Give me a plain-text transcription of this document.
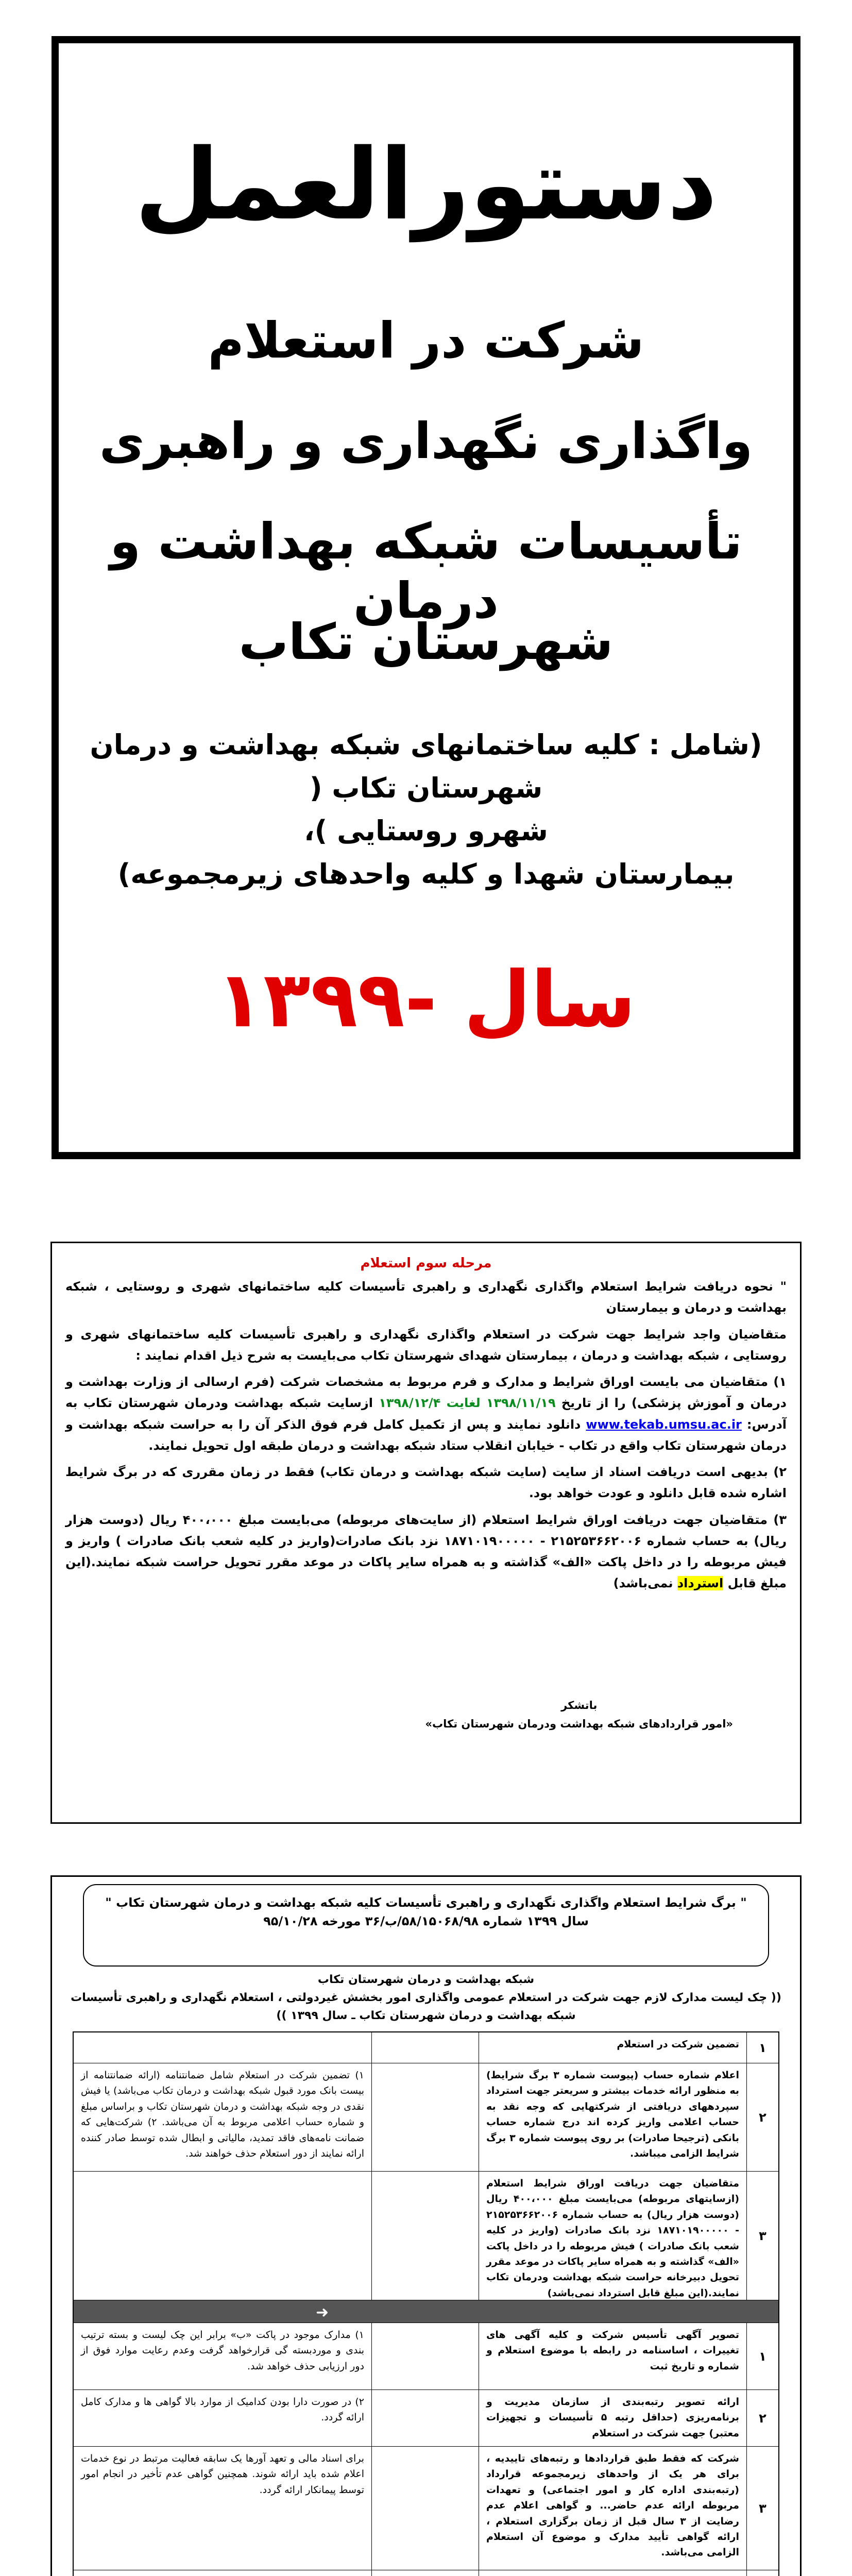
دستورالعمل
شرکت در استعلام
واگذاری نگهداری و راهبری
تأسیسات شبکه بهداشت و درمان
شهرستان تکاب
(شامل : کلیه ساختمانهای شبکه بهداشت و درمان شهرستان تکاب (
شهرو روستایی )،
بیمارستان شهدا و کلیه واحدهای زیرمجموعه)
سال -۱۳۹۹
مرحله سوم استعلام

" نحوه دریافت شرایط استعلام واگذاری نگهداری و راهبری تأسیسات کلیه ساختمانهای شهری و روستایی ، شبکه بهداشت و درمان و بیمارستان

متقاضیان واجد شرایط جهت شرکت در استعلام واگذاری نگهداری و راهبری تأسیسات کلیه ساختمانهای شهری و روستایی ، شبکه بهداشت و درمان ، بیمارستان شهدای شهرستان تکاب می‌بایست به شرح ذیل اقدام نمایند :

۱) متقاضیان می بایست اوراق شرایط و مدارک و فرم مربوط به مشخصات شرکت (فرم ارسالی از وزارت بهداشت و درمان و آموزش پزشکی) را از تاریخ ۱۳۹۸/۱۱/۱۹ لغایت ۱۳۹۸/۱۲/۴ ازسایت شبکه بهداشت ودرمان شهرستان تکاب به آدرس: www.tekab.umsu.ac.ir دانلود نمایند و پس از تکمیل کامل فرم فوق الذکر آن را به حراست شبکه بهداشت و درمان شهرستان تکاب واقع در تکاب - خیابان انقلاب ستاد شبکه بهداشت و درمان طبقه اول تحویل نمایند.

۲) بدیهی است دریافت اسناد از سایت (سایت شبکه بهداشت و درمان تکاب) فقط در زمان مقرری که در برگ شرایط اشاره شده قابل دانلود و عودت خواهد بود.

۳) متقاضیان جهت دریافت اوراق شرایط استعلام (از سایت‌های مربوطه) می‌بایست مبلغ ۴۰۰،۰۰۰ ریال (دوست هزار ریال) به حساب شماره ۲۱۵۲۵۳۶۶۲۰۰۶ - ۱۸۷۱۰۱۹۰۰۰۰۰ نزد بانک صادرات(واریز در کلیه شعب بانک صادرات ) واریز و فیش مربوطه را در داخل پاکت «الف» گذاشته و به همراه سایر پاکات در موعد مقرر تحویل حراست شبکه نمایند.(این مبلغ قابل استرداد نمی‌باشد)

باتشکر
«امور قراردادهای شبکه بهداشت ودرمان شهرستان تکاب»
" برگ شرایط استعلام واگذاری نگهداری و راهبری تأسیسات کلیه شبکه بهداشت و درمان شهرستان تکاب "
سال ۱۳۹۹ شماره ۵۸/۱۵۰۶۸/۹۸/ب/۳۶ مورخه ۹۵/۱۰/۲۸
شبکه بهداشت و درمان شهرستان تکاب
(( چک لیست مدارک لازم جهت شرکت در استعلام عمومی واگذاری امور بخشش غیردولتی ، استعلام نگهداری و راهبری تأسیسات شبکه بهداشت و درمان شهرستان تکاب ـ سال ۱۳۹۹ ))
۱
تضمین شرکت در استعلام
۲
اعلام شماره حساب (پیوست شماره ۳ برگ شرایط) به منظور ارائه خدمات بیشتر و سریعتر جهت استرداد سپردههای دریافتی از شرکتهایی که وجه نقد به حساب اعلامی واریز کرده اند درج شماره حساب بانکی (ترجیحا صادرات) بر روی پیوست شماره ۳ برگ شرایط الزامی میباشد.
۱) تضمین شرکت در استعلام شامل ضمانتنامه (ارائه ضمانتنامه از بیست بانک مورد قبول شبکه بهداشت و درمان تکاب می‌باشد) یا فیش نقدی در وجه شبکه بهداشت و درمان شهرستان تکاب و براساس مبلغ و شماره حساب اعلامی مربوط به آن می‌باشد. ۲) شرکت‌هایی که ضمانت نامه‌های فاقد تمدید، مالیاتی و ابطال شده توسط صادر کننده ارائه نمایند از دور استعلام حذف خواهند شد.
۳
متقاضیان جهت دریافت اوراق شرایط استعلام (ازسایتهای مربوطه) می‌بایست مبلغ ۴۰۰،۰۰۰ ریال (دوست هزار ریال) به حساب شماره ۲۱۵۲۵۳۶۶۲۰۰۶ - ۱۸۷۱۰۱۹۰۰۰۰۰ نزد بانک صادرات (واریز در کلیه شعب بانک صادرات ) فیش مربوطه را در داخل پاکت «الف» گذاشته و به همراه سایر پاکات در موعد مقرر تحویل دبیرخانه حراست شبکه بهداشت ودرمان تکاب نمایند.(این مبلغ قابل استرداد نمی‌باشد)
➜
۱
تصویر آگهی تأسیس شرکت و کلیه آگهی های تغییرات ، اساسنامه در رابطه با موضوع استعلام و شماره و تاریخ ثبت
۱) مدارک موجود در پاکت «ب» برابر این چک لیست و بسته ترتیب بندی و موردبسته گی قرارخواهد گرفت وعدم رعایت موارد فوق از دور ارزیابی حذف خواهد شد.
۲
ارائه تصویر رتبه‌بندی از سازمان مدیریت و برنامه‌ریزی (حداقل رتبه ۵ تأسیسات و تجهیزات معتبر) جهت شرکت در استعلام
۲) در صورت دارا بودن کدامیک از موارد بالا گواهی ها و مدارک کامل ارائه گردد.
۳
شرکت که فقط طبق قراردادها و رتبه‌های تاییدیه ، برای هر یک از واحدهای زیرمجموعه قرارداد (رتبه‌بندی اداره کار و امور اجتماعی) و تعهدات مربوطه ارائه عدم حاضر... و گواهی اعلام عدم رضایت از ۳ سال قبل از زمان برگزاری استعلام ، ارائه گواهی تأیید مدارک و موضوع آن استعلام الزامی می‌باشد.
برای اسناد مالی و تعهد آورها یک سابقه فعالیت مرتبط در نوع خدمات اعلام شده باید ارائه شوند. همچنین گواهی عدم تأخیر در انجام امور توسط پیمانکار ارائه گردد.
